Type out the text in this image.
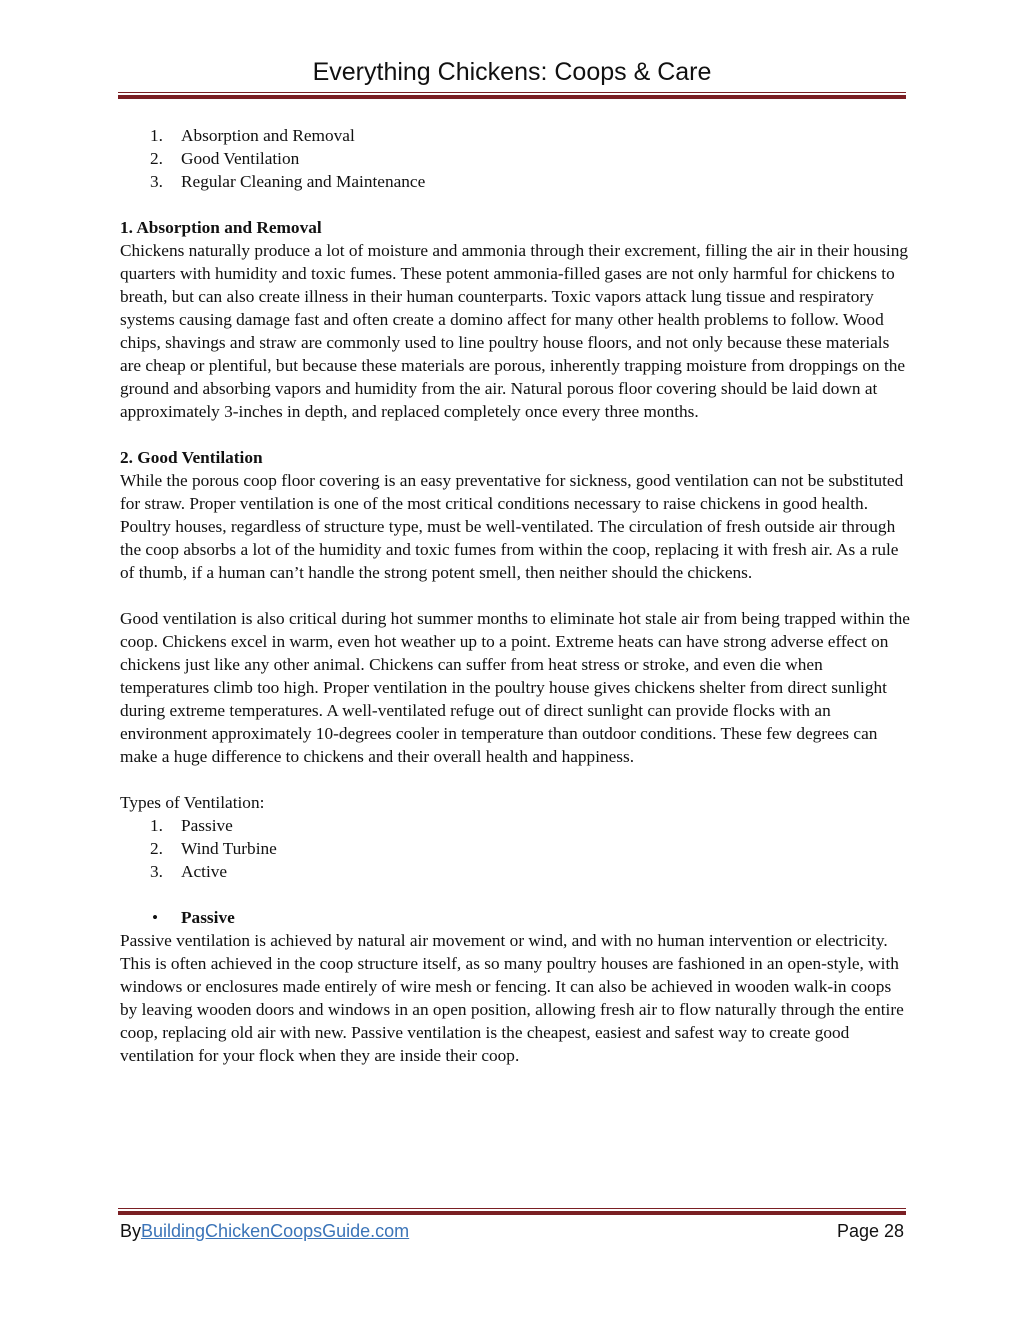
Everything Chickens: Coops & Care
1. Absorption and Removal
2. Good Ventilation
3. Regular Cleaning and Maintenance

1. Absorption and Removal

Chickens naturally produce a lot of moisture and ammonia through their excrement, filling the air in their housing quarters with humidity and toxic fumes. These potent ammonia-filled gases are not only harmful for chickens to breath, but can also create illness in their human counterparts. Toxic vapors attack lung tissue and respiratory systems causing damage fast and often create a domino affect for many other health problems to follow. Wood chips, shavings and straw are commonly used to line poultry house floors, and not only because these materials are cheap or plentiful, but because these materials are porous, inherently trapping moisture from droppings on the ground and absorbing vapors and humidity from the air. Natural porous floor covering should be laid down at approximately 3-inches in depth, and replaced completely once every three months.

2. Good Ventilation

While the porous coop floor covering is an easy preventative for sickness, good ventilation can not be substituted for straw. Proper ventilation is one of the most critical conditions necessary to raise chickens in good health. Poultry houses, regardless of structure type, must be well-ventilated. The circulation of fresh outside air through the coop absorbs a lot of the humidity and toxic fumes from within the coop, replacing it with fresh air. As a rule of thumb, if a human can’t handle the strong potent smell, then neither should the chickens.

Good ventilation is also critical during hot summer months to eliminate hot stale air from being trapped within the coop. Chickens excel in warm, even hot weather up to a point. Extreme heats can have strong adverse effect on chickens just like any other animal. Chickens can suffer from heat stress or stroke, and even die when temperatures climb too high. Proper ventilation in the poultry house gives chickens shelter from direct sunlight during extreme temperatures. A well-ventilated refuge out of direct sunlight can provide flocks with an environment approximately 10-degrees cooler in temperature than outdoor conditions. These few degrees can make a huge difference to chickens and their overall health and happiness.

Types of Ventilation:

1. Passive
2. Wind Turbine
3. Active
• Passive

Passive ventilation is achieved by natural air movement or wind, and with no human intervention or electricity. This is often achieved in the coop structure itself, as so many poultry houses are fashioned in an open-style, with windows or enclosures made entirely of wire mesh or fencing. It can also be achieved in wooden walk-in coops by leaving wooden doors and windows in an open position, allowing fresh air to flow naturally through the entire coop, replacing old air with new. Passive ventilation is the cheapest, easiest and safest way to create good ventilation for your flock when they are inside their coop.

ByBuildingChickenCoopsGuide.com	Page 28
